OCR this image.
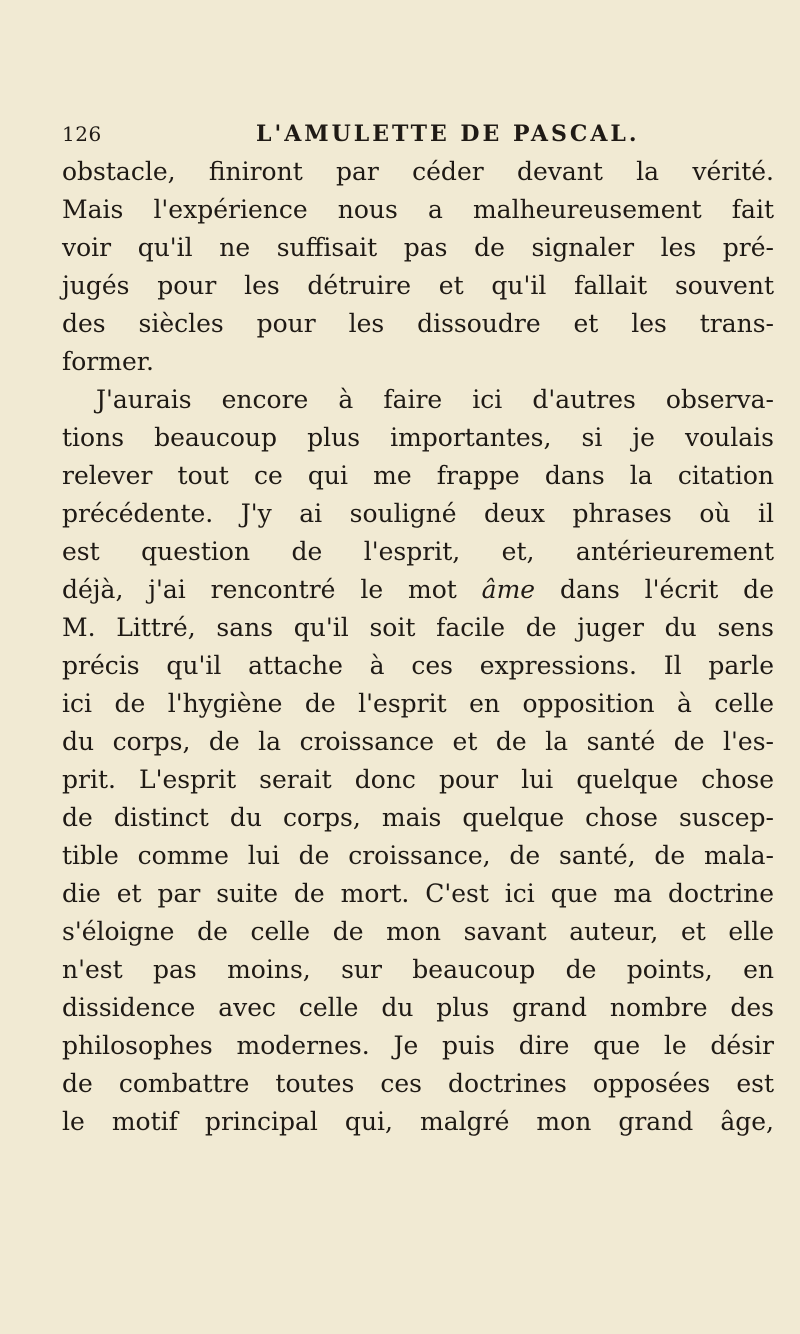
126	L'AMULETTE DE PASCAL.
obstacle, finiront par céder devant la vérité.
Mais l'expérience nous a malheureusement fait
voir qu'il ne suffisait pas de signaler les pré-
jugés pour les détruire et qu'il fallait souvent
des siècles pour les dissoudre et les trans-
former.
J'aurais encore à faire ici d'autres observa-
tions beaucoup plus importantes, si je voulais
relever tout ce qui me frappe dans la citation
précédente. J'y ai souligné deux phrases où il
est question de l'esprit, et, antérieurement
déjà, j'ai rencontré le mot âme dans l'écrit de
M. Littré, sans qu'il soit facile de juger du sens
précis qu'il attache à ces expressions. Il parle
ici de l'hygiène de l'esprit en opposition à celle
du corps, de la croissance et de la santé de l'es-
prit. L'esprit serait donc pour lui quelque chose
de distinct du corps, mais quelque chose suscep-
tible comme lui de croissance, de santé, de mala-
die et par suite de mort. C'est ici que ma doctrine
s'éloigne de celle de mon savant auteur, et elle
n'est pas moins, sur beaucoup de points, en
dissidence avec celle du plus grand nombre des
philosophes modernes. Je puis dire que le désir
de combattre toutes ces doctrines opposées est
le motif principal qui, malgré mon grand âge,
